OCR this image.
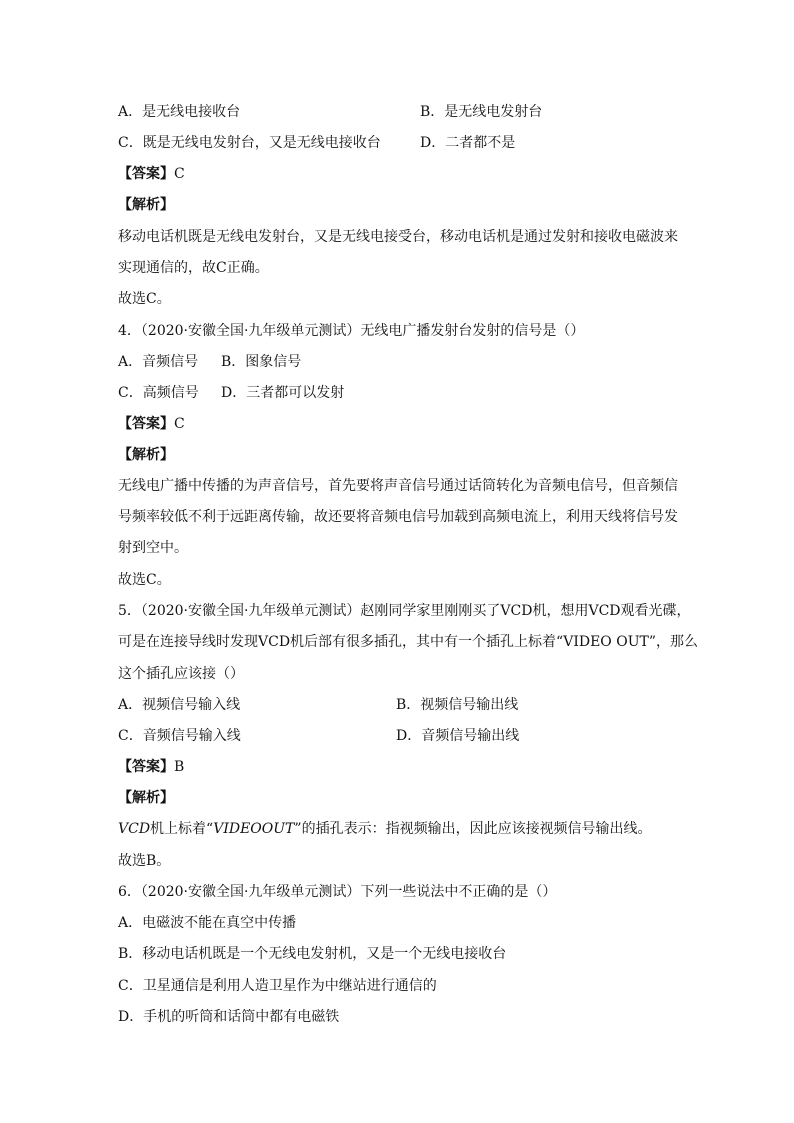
A．是无线电接收台	B．是无线电发射台
C．既是无线电发射台，又是无线电接收台	D．二者都不是
【答案】C
【解析】
移动电话机既是无线电发射台，又是无线电接受台，移动电话机是通过发射和接收电磁波来
实现通信的，故C正确。
故选C。
4．（2020·安徽全国·九年级单元测试）无线电广播发射台发射的信号是（）
A．音频信号 B．图象信号
C．高频信号 D．三者都可以发射
【答案】C
【解析】
无线电广播中传播的为声音信号，首先要将声音信号通过话筒转化为音频电信号，但音频信
号频率较低不利于远距离传输，故还要将音频电信号加载到高频电流上，利用天线将信号发
射到空中。
故选C。
5．（2020·安徽全国·九年级单元测试）赵刚同学家里刚刚买了VCD机，想用VCD观看光碟，
可是在连接导线时发现VCD机后部有很多插孔，其中有一个插孔上标着“VIDEO OUT”，那么
这个插孔应该接（）
A．视频信号输入线	B．视频信号输出线
C．音频信号输入线	D．音频信号输出线
【答案】B
【解析】
VCD机上标着“VIDEOOUT”的插孔表示：指视频输出，因此应该接视频信号输出线。
故选B。
6．（2020·安徽全国·九年级单元测试）下列一些说法中不正确的是（）
A．电磁波不能在真空中传播
B．移动电话机既是一个无线电发射机，又是一个无线电接收台
C．卫星通信是利用人造卫星作为中继站进行通信的
D．手机的听筒和话筒中都有电磁铁
